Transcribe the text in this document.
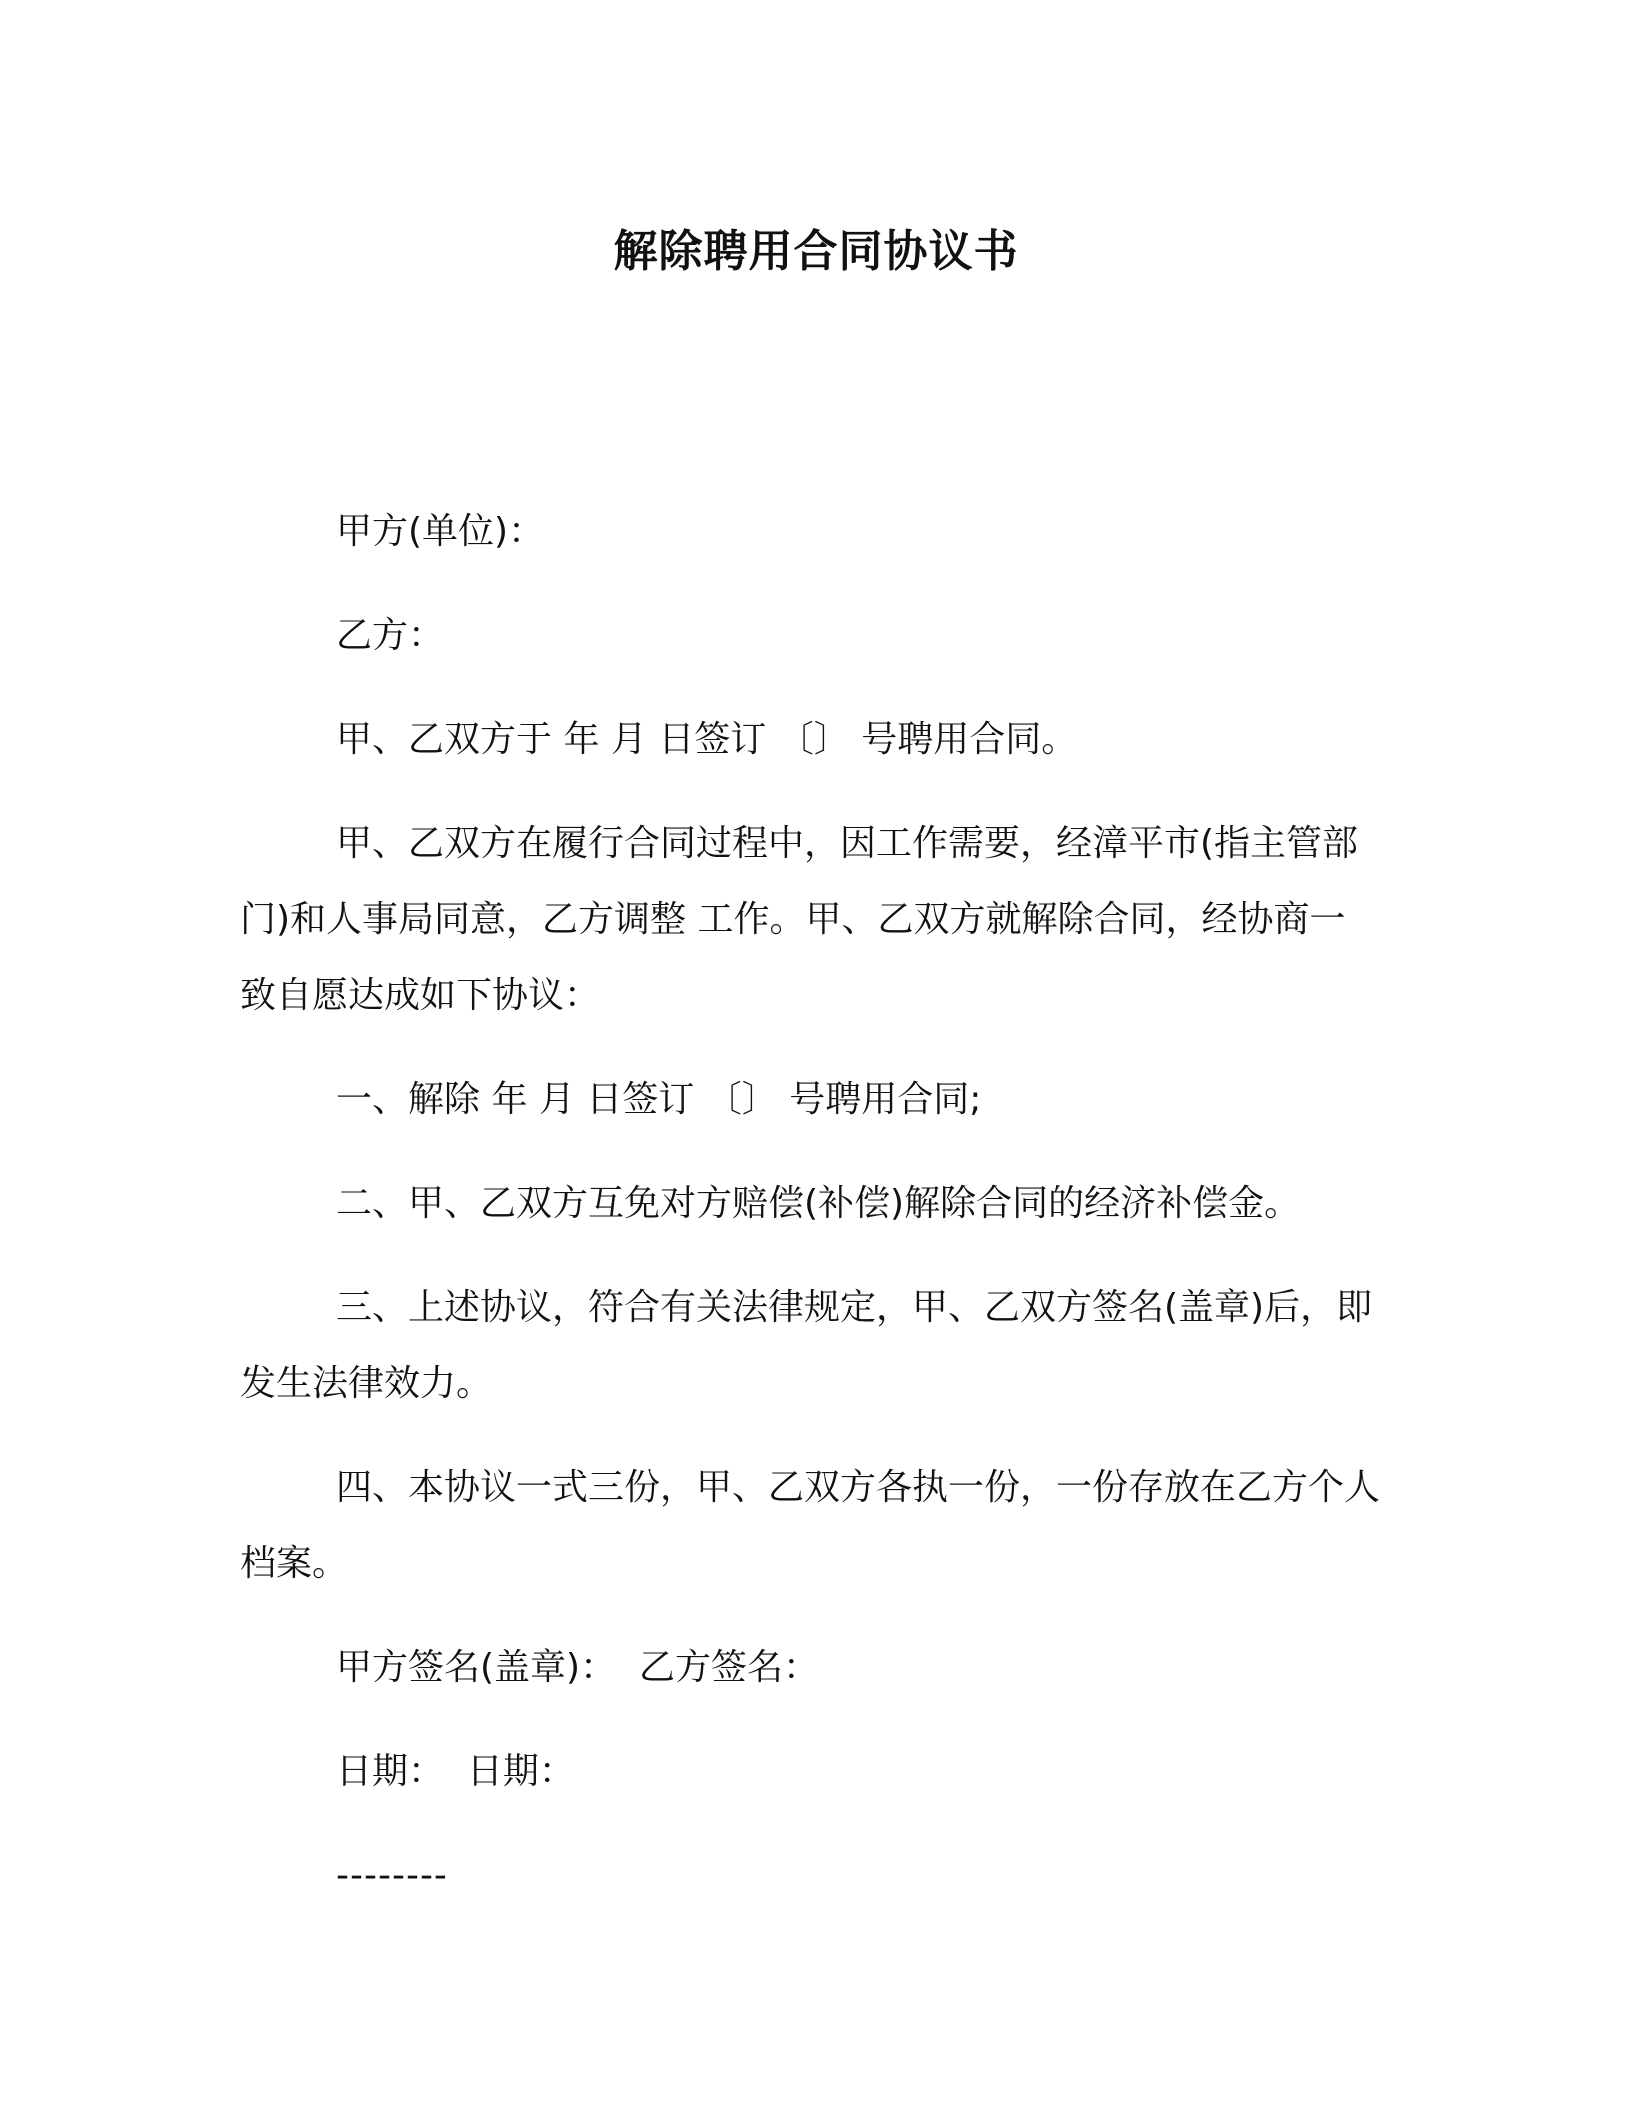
解除聘用合同协议书

甲方(单位)：

乙方：

甲、乙双方于 年 月 日签订 〔〕 号聘用合同。

甲、乙双方在履行合同过程中，因工作需要，经漳平市(指主管部门)和人事局同意，乙方调整 工作。甲、乙双方就解除合同，经协商一致自愿达成如下协议：

一、解除 年 月 日签订 〔〕 号聘用合同;

二、甲、乙双方互免对方赔偿(补偿)解除合同的经济补偿金。

三、上述协议，符合有关法律规定，甲、乙双方签名(盖章)后，即发生法律效力。

四、本协议一式三份，甲、乙双方各执一份，一份存放在乙方个人档案。

甲方签名(盖章)：  乙方签名：

日期：  日期：

--------
